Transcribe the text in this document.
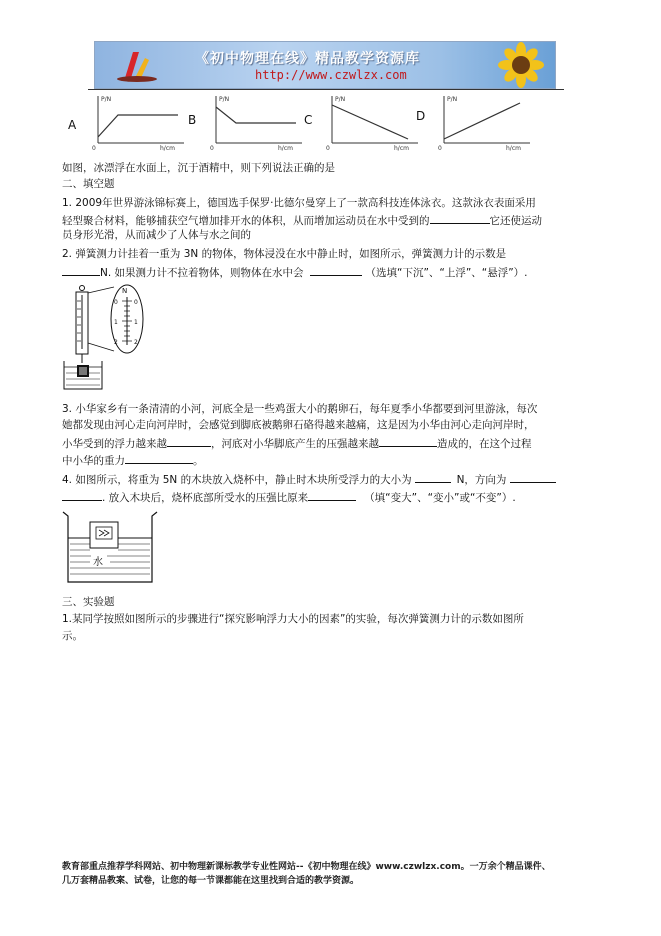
《初中物理在线》精品教学资源库
http://www.czwlzx.com
A
P/N
h/cm
0
B
P/N
h/cm
0
C
P/N
h/cm
0
D
P/N
h/cm
0
如图，冰漂浮在水面上，沉于酒精中，则下列说法正确的是
二、填空题
1. 2009年世界游泳锦标赛上，德国选手保罗·比德尔曼穿上了一款高科技连体泳衣。这款泳衣表面采用
轻型聚合材料，能够捕获空气增加排开水的体积，从而增加运动员在水中受到的	它还使运动
员身形光滑，从而减少了人体与水之间的
2. 弹簧测力计挂着一重为 3N 的物体，物体浸没在水中静止时，如图所示，弹簧测力计的示数是
N. 如果测力计不拉着物体，则物体在水中会	（选填“下沉”、“上浮”、“悬浮”）.
N
0	0
1	1
2	2
3. 小华家乡有一条清清的小河，河底全是一些鸡蛋大小的鹅卵石，每年夏季小华都要到河里游泳，每次
她都发现由河心走向河岸时，会感觉到脚底被鹅卵石硌得越来越痛，这是因为小华由河心走向河岸时，
小华受到的浮力越来越	，河底对小华脚底产生的压强越来越	造成的，在这个过程
中小华的重力	。
4. 如图所示，将重为 5N 的木块放入烧杯中，静止时木块所受浮力的大小为	N，方向为
. 放入木块后，烧杯底部所受水的压强比原来	（填“变大”、“变小”或“不变”）.
水
三、实验题
1.某同学按照如图所示的步骤进行“探究影响浮力大小的因素”的实验，每次弹簧测力计的示数如图所
示。
教育部重点推荐学科网站、初中物理新课标教学专业性网站--《初中物理在线》www.czwlzx.com。一万余个精品课件、
几万套精品教案、试卷，让您的每一节课都能在这里找到合适的教学资源。
